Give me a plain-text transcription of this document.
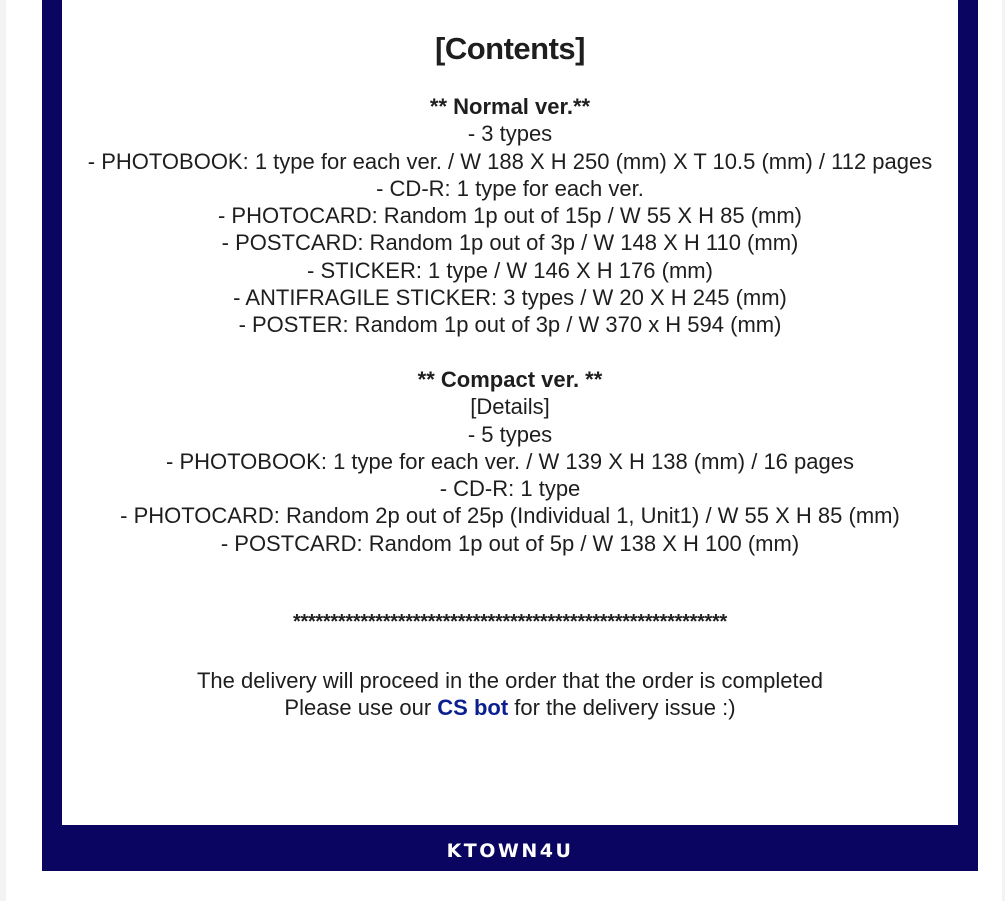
[Contents]
** Normal ver.**
- 3 types
- PHOTOBOOK: 1 type for each ver. / W 188 X H 250 (mm) X T 10.5 (mm) / 112 pages
- CD-R: 1 type for each ver.
- PHOTOCARD: Random 1p out of 15p / W 55 X H 85 (mm)
- POSTCARD: Random 1p out of 3p / W 148 X H 110 (mm)
- STICKER: 1 type / W 146 X H 176 (mm)
- ANTIFRAGILE STICKER: 3 types / W 20 X H 245 (mm)
- POSTER: Random 1p out of 3p / W 370 x H 594 (mm)
** Compact ver. **
[Details]
- 5 types
- PHOTOBOOK: 1 type for each ver. / W 139 X H 138 (mm) / 16 pages
- CD-R: 1 type
- PHOTOCARD: Random 2p out of 25p (Individual 1, Unit1) / W 55 X H 85 (mm)
- POSTCARD: Random 1p out of 5p / W 138 X H 100 (mm)
**********************************************************
The delivery will proceed in the order that the order is completed
Please use our CS bot for the delivery issue :)
KTOWN4U
